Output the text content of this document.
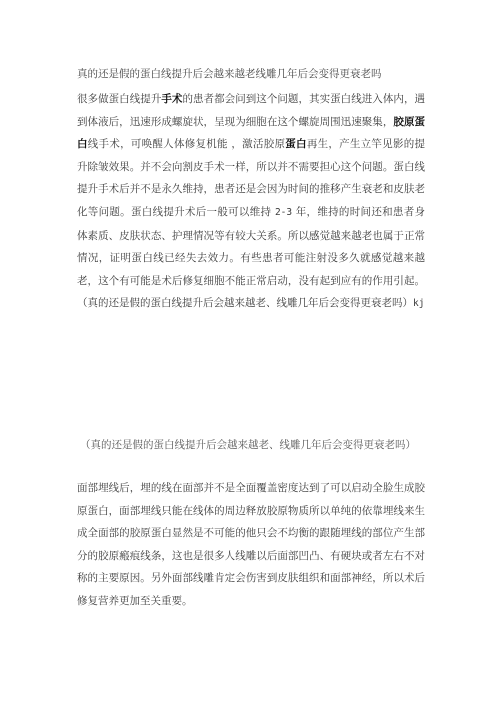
真的还是假的蛋白线提升后会越来越老线雕几年后会变得更衰老吗
很多做蛋白线提升手术的患者都会问到这个问题，其实蛋白线进入体内，遇到体液后，迅速形成螺旋状，呈现为细胞在这个螺旋周围迅速聚集，胶原蛋白线手术，可唤醒人体修复机能 ，激活胶原蛋白再生，产生立竿见影的提升除皱效果。并不会向割皮手术一样，所以并不需要担心这个问题。蛋白线提升手术后并不是永久维持，患者还是会因为时间的推移产生衰老和皮肤老化等问题。蛋白线提升术后一般可以维持 2-3 年，维持的时间还和患者身体素质、皮肤状态、护理情况等有较大关系。所以感觉越来越老也属于正常情况，证明蛋白线已经失去效力。有些患者可能注射没多久就感觉越来越老，这个有可能是术后修复细胞不能正常启动，没有起到应有的作用引起。（真的还是假的蛋白线提升后会越来越老、线雕几年后会变得更衰老吗）kj
（真的还是假的蛋白线提升后会越来越老、线雕几年后会变得更衰老吗）
面部埋线后，埋的线在面部并不是全面覆盖密度达到了可以启动全脸生成胶原蛋白，面部埋线只能在线体的周边释放胶原物质所以单纯的依靠埋线来生成全面部的胶原蛋白显然是不可能的他只会不均衡的跟随埋线的部位产生部分的胶原瘢痕线条，这也是很多人线雕以后面部凹凸、有硬块或者左右不对称的主要原因。另外面部线雕肯定会伤害到皮肤组织和面部神经，所以术后修复营养更加至关重要。
